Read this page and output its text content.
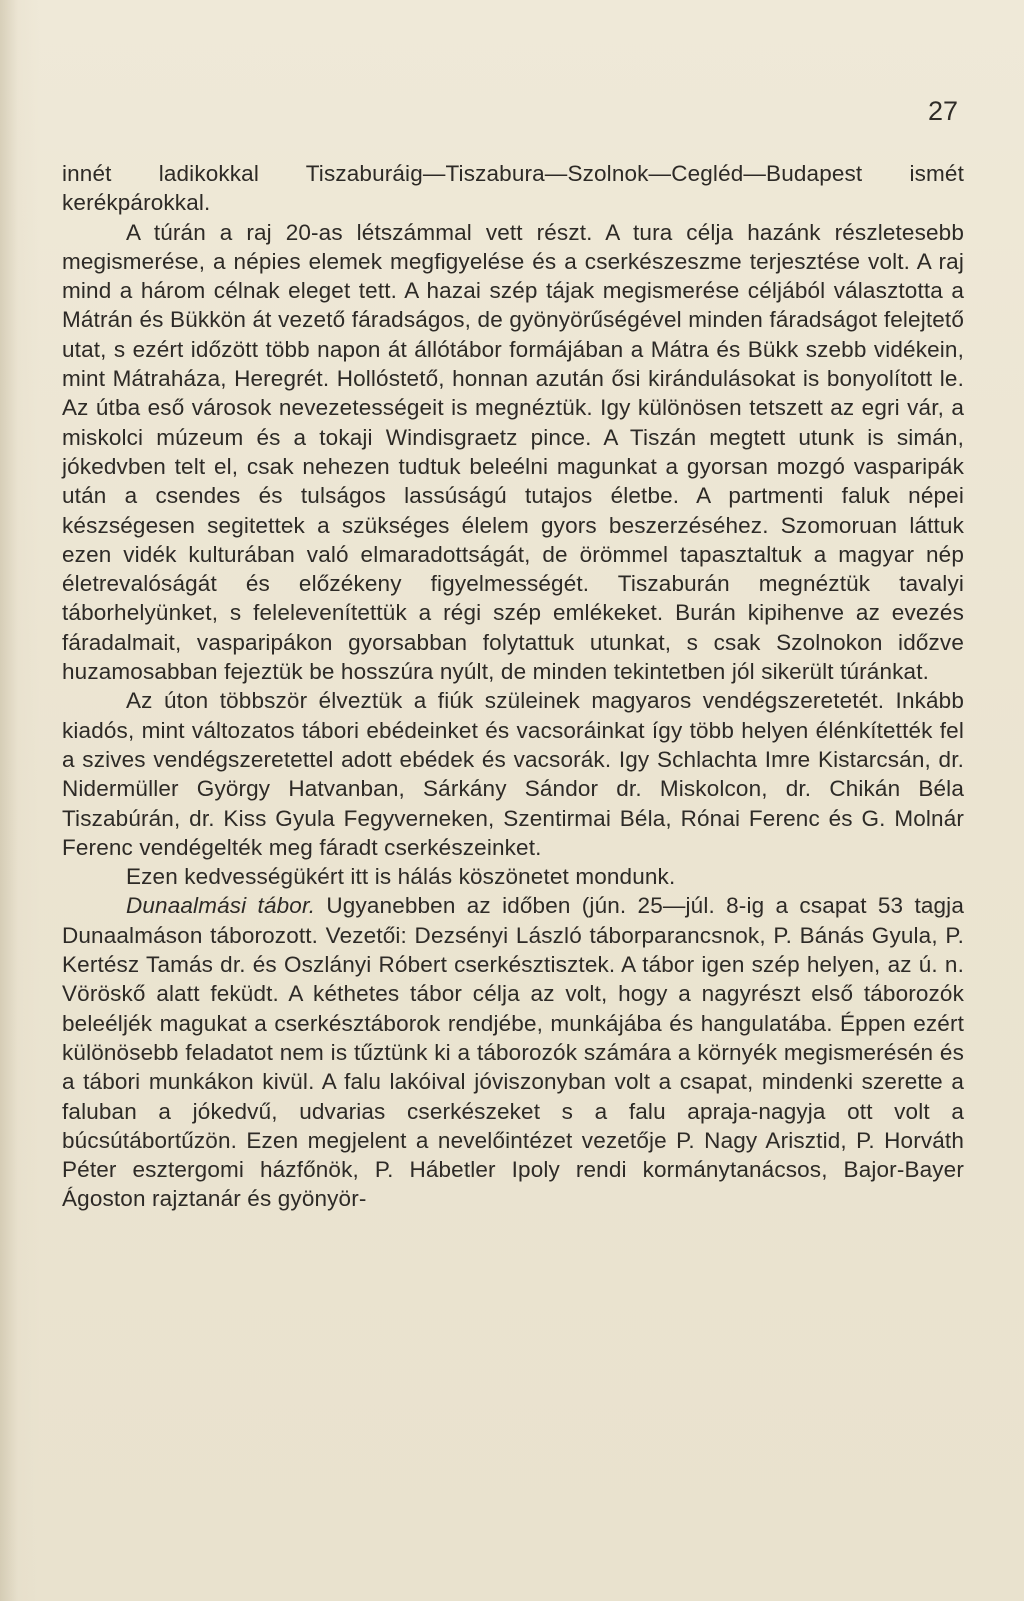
27

innét ladikokkal Tiszaburáig—Tiszabura—Szolnok—Cegléd—Budapest ismét kerékpárokkal.

A túrán a raj 20-as létszámmal vett részt. A tura célja hazánk részletesebb megismerése, a népies elemek megfigyelése és a cserkészeszme terjesztése volt. A raj mind a három célnak eleget tett. A hazai szép tájak megismerése céljából választotta a Mátrán és Bükkön át vezető fáradságos, de gyönyörűségével minden fáradságot felejtető utat, s ezért időzött több napon át állótábor formájában a Mátra és Bükk szebb vidékein, mint Mátraháza, Heregrét. Hollóstető, honnan azután ősi kirándulásokat is bonyolított le. Az útba eső városok nevezetességeit is megnéztük. Igy különösen tetszett az egri vár, a miskolci múzeum és a tokaji Windisgraetz pince. A Tiszán megtett utunk is simán, jókedvben telt el, csak nehezen tudtuk beleélni magunkat a gyorsan mozgó vasparipák után a csendes és tulságos lassúságú tutajos életbe. A partmenti faluk népei készségesen segitettek a szükséges élelem gyors beszerzéséhez. Szomoruan láttuk ezen vidék kulturában való elmaradottságát, de örömmel tapasztaltuk a magyar nép életrevalóságát és előzékeny figyelmességét. Tiszaburán megnéztük tavalyi táborhelyünket, s felelevenítettük a régi szép emlékeket. Burán kipihenve az evezés fáradalmait, vasparipákon gyorsabban folytattuk utunkat, s csak Szolnokon időzve huzamosabban fejeztük be hosszúra nyúlt, de minden tekintetben jól sikerült túránkat.

Az úton többször élveztük a fiúk szüleinek magyaros vendégszeretetét. Inkább kiadós, mint változatos tábori ebédeinket és vacsoráinkat így több helyen élénkítették fel a szives vendégszeretettel adott ebédek és vacsorák. Igy Schlachta Imre Kistarcsán, dr. Nidermüller György Hatvanban, Sárkány Sándor dr. Miskolcon, dr. Chikán Béla Tiszabúrán, dr. Kiss Gyula Fegyverneken, Szentirmai Béla, Rónai Ferenc és G. Molnár Ferenc vendégelték meg fáradt cserkészeinket.

Ezen kedvességükért itt is hálás köszönetet mondunk.

Dunaalmási tábor. Ugyanebben az időben (jún. 25—júl. 8-ig a csapat 53 tagja Dunaalmáson táborozott. Vezetői: Dezsényi László táborparancsnok, P. Bánás Gyula, P. Kertész Tamás dr. és Oszlányi Róbert cserkésztisztek. A tábor igen szép helyen, az ú. n. Vöröskő alatt feküdt. A kéthetes tábor célja az volt, hogy a nagyrészt első táborozók beleéljék magukat a cserkésztáborok rendjébe, munkájába és hangulatába. Éppen ezért különösebb feladatot nem is tűztünk ki a táborozók számára a környék megismerésén és a tábori munkákon kivül. A falu lakóival jóviszonyban volt a csapat, mindenki szerette a faluban a jókedvű, udvarias cserkészeket s a falu apraja-nagyja ott volt a búcsútábortűzön. Ezen megjelent a nevelőintézet vezetője P. Nagy Arisztid, P. Horváth Péter esztergomi házfőnök, P. Hábetler Ipoly rendi kormánytanácsos, Bajor-Bayer Ágoston rajztanár és gyönyör-
